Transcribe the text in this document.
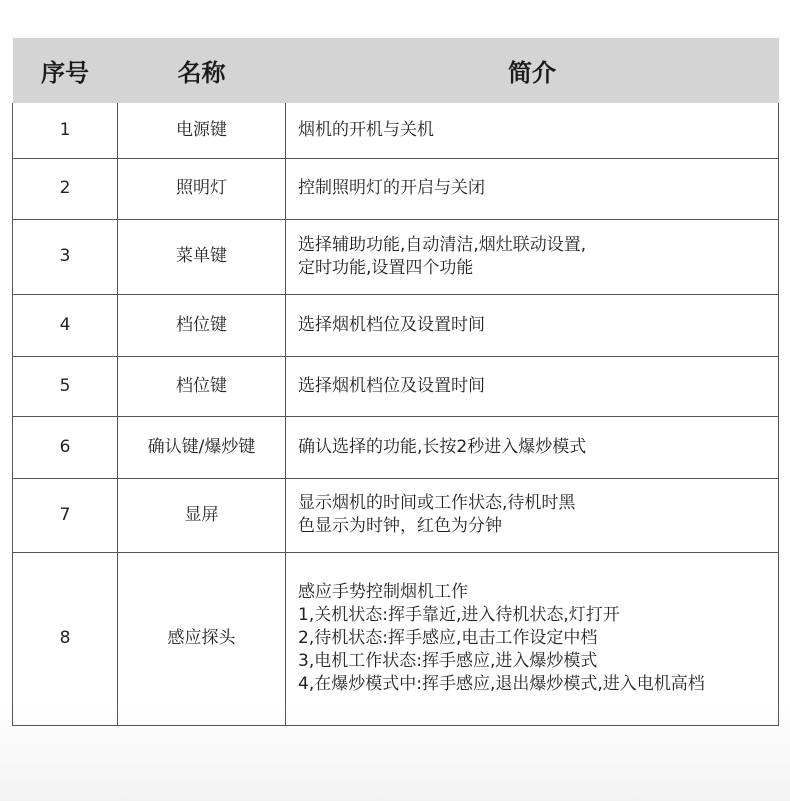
序号	名称	简介
1	电源键	烟机的开机与关机
2	照明灯	控制照明灯的开启与关闭
3	菜单键	选择辅助功能,自动清洁,烟灶联动设置,
定时功能,设置四个功能
4	档位键	选择烟机档位及设置时间
5	档位键	选择烟机档位及设置时间
6	确认键/爆炒键	确认选择的功能,长按2秒进入爆炒模式
7	显屏	显示烟机的时间或工作状态,待机时黑
色显示为时钟，红色为分钟
8	感应探头	感应手势控制烟机工作
1,关机状态:挥手靠近,进入待机状态,灯打开
2,待机状态:挥手感应,电击工作设定中档
3,电机工作状态:挥手感应,进入爆炒模式
4,在爆炒模式中:挥手感应,退出爆炒模式,进入电机高档
